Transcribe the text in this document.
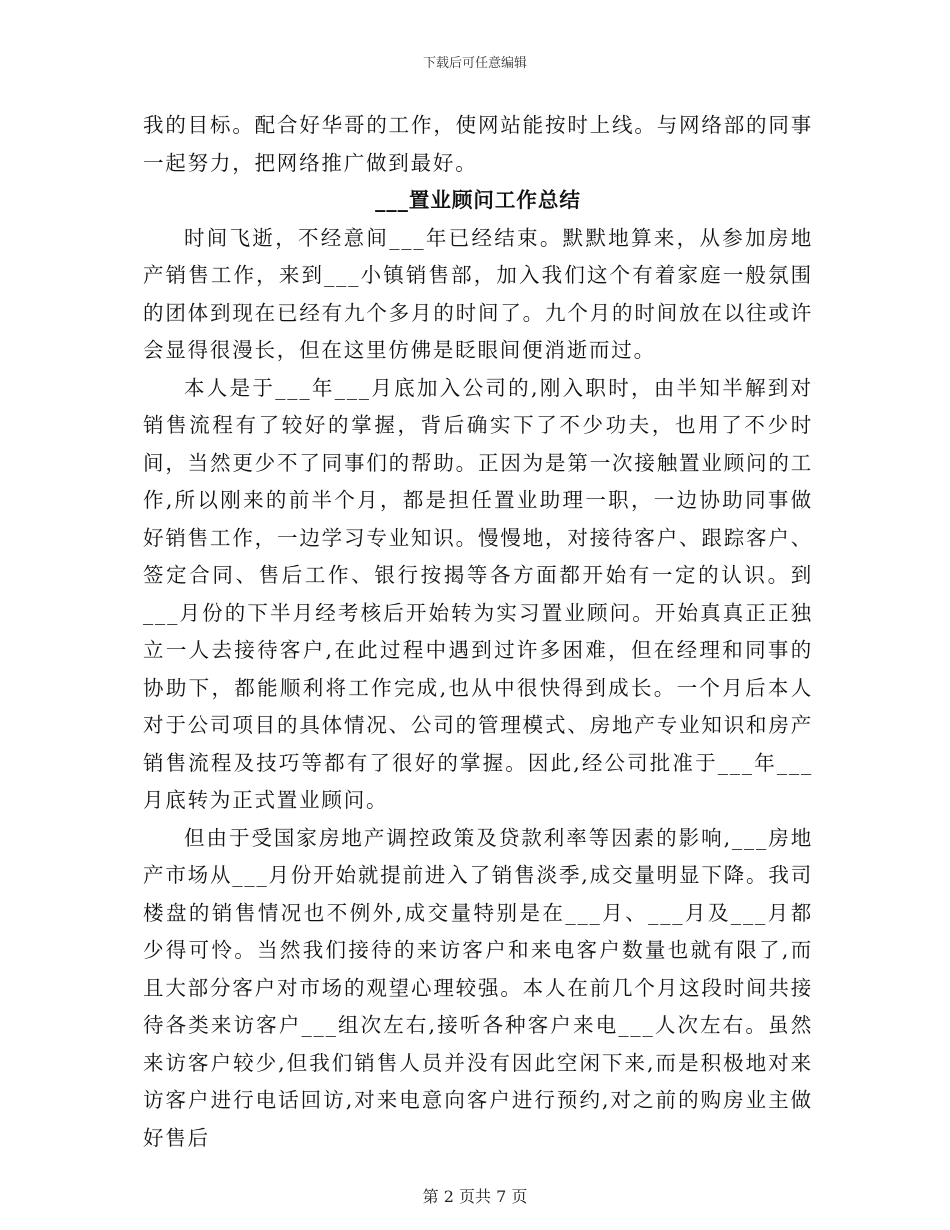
下载后可任意编辑

我的目标。配合好华哥的工作，使网站能按时上线。与网络部的同事一起努力，把网络推广做到最好。

___置业顾问工作总结

时间飞逝，不经意间___年已经结束。默默地算来，从参加房地产销售工作，来到___小镇销售部，加入我们这个有着家庭一般氛围的团体到现在已经有九个多月的时间了。九个月的时间放在以往或许会显得很漫长，但在这里仿佛是眨眼间便消逝而过。

本人是于___年___月底加入公司的,刚入职时，由半知半解到对销售流程有了较好的掌握，背后确实下了不少功夫，也用了不少时间，当然更少不了同事们的帮助。正因为是第一次接触置业顾问的工作,所以刚来的前半个月，都是担任置业助理一职，一边协助同事做好销售工作，一边学习专业知识。慢慢地，对接待客户、跟踪客户、签定合同、售后工作、银行按揭等各方面都开始有一定的认识。到___月份的下半月经考核后开始转为实习置业顾问。开始真真正正独立一人去接待客户,在此过程中遇到过许多困难，但在经理和同事的协助下，都能顺利将工作完成,也从中很快得到成长。一个月后本人对于公司项目的具体情况、公司的管理模式、房地产专业知识和房产销售流程及技巧等都有了很好的掌握。因此,经公司批准于___年___月底转为正式置业顾问。

但由于受国家房地产调控政策及贷款利率等因素的影响,___房地产市场从___月份开始就提前进入了销售淡季,成交量明显下降。我司楼盘的销售情况也不例外,成交量特别是在___月、___月及___月都少得可怜。当然我们接待的来访客户和来电客户数量也就有限了,而且大部分客户对市场的观望心理较强。本人在前几个月这段时间共接待各类来访客户___组次左右,接听各种客户来电___人次左右。虽然来访客户较少,但我们销售人员并没有因此空闲下来,而是积极地对来访客户进行电话回访,对来电意向客户进行预约,对之前的购房业主做好售后

第 2 页共 7 页
